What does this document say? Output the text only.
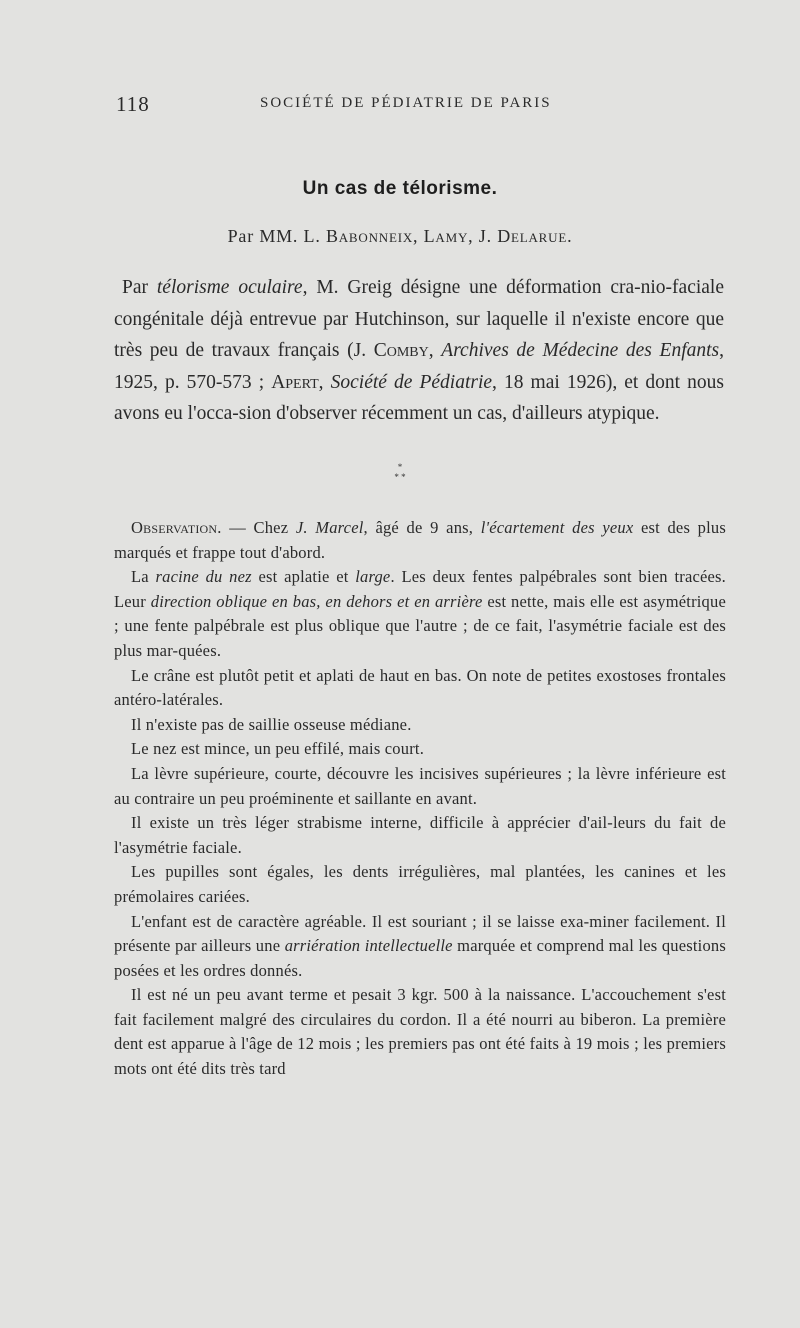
118	SOCIÉTÉ DE PÉDIATRIE DE PARIS
Un cas de télorisme.
Par MM. L. Babonneix, Lamy, J. Delarue.

Par télorisme oculaire, M. Greig désigne une déformation cra-nio-faciale congénitale déjà entrevue par Hutchinson, sur laquelle il n'existe encore que très peu de travaux français (J. Comby, Archives de Médecine des Enfants, 1925, p. 570-573 ; Apert, Société de Pédiatrie, 18 mai 1926), et dont nous avons eu l'occa-sion d'observer récemment un cas, d'ailleurs atypique.

*
* *

Observation. — Chez J. Marcel, âgé de 9 ans, l'écartement des yeux est des plus marqués et frappe tout d'abord.

La racine du nez est aplatie et large. Les deux fentes palpébrales sont bien tracées. Leur direction oblique en bas, en dehors et en arrière est nette, mais elle est asymétrique ; une fente palpébrale est plus oblique que l'autre ; de ce fait, l'asymétrie faciale est des plus mar-quées.

Le crâne est plutôt petit et aplati de haut en bas. On note de petites exostoses frontales antéro-latérales.

Il n'existe pas de saillie osseuse médiane.

Le nez est mince, un peu effilé, mais court.

La lèvre supérieure, courte, découvre les incisives supérieures ; la lèvre inférieure est au contraire un peu proéminente et saillante en avant.

Il existe un très léger strabisme interne, difficile à apprécier d'ail-leurs du fait de l'asymétrie faciale.

Les pupilles sont égales, les dents irrégulières, mal plantées, les canines et les prémolaires cariées.

L'enfant est de caractère agréable. Il est souriant ; il se laisse exa-miner facilement. Il présente par ailleurs une arriération intellectuelle marquée et comprend mal les questions posées et les ordres donnés.

Il est né un peu avant terme et pesait 3 kgr. 500 à la naissance. L'accouchement s'est fait facilement malgré des circulaires du cordon. Il a été nourri au biberon. La première dent est apparue à l'âge de 12 mois ; les premiers pas ont été faits à 19 mois ; les premiers mots ont été dits très tard
